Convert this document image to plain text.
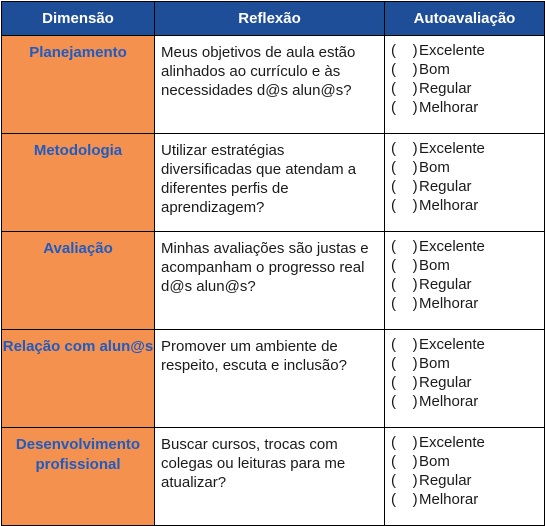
Dimensão	Reflexão	Autoavaliação
Planejamento	Meus objetivos de aula estão alinhados ao currículo e às necessidades d@s alun@s?	(    )Excelente
(    )Bom
(    )Regular
(    )Melhorar

Metodologia	Utilizar estratégias diversificadas que atendam a diferentes perfis de aprendizagem?	(    )Excelente
(    )Bom
(    )Regular
(    )Melhorar

Avaliação	Minhas avaliações são justas e acompanham o progresso real d@s alun@s?	(    )Excelente
(    )Bom
(    )Regular
(    )Melhorar

Relação com alun@s	Promover um ambiente de respeito, escuta e inclusão?	(    )Excelente
(    )Bom
(    )Regular
(    )Melhorar

Desenvolvimento profissional	Buscar cursos, trocas com colegas ou leituras para me atualizar?	(    )Excelente
(    )Bom
(    )Regular
(    )Melhorar
